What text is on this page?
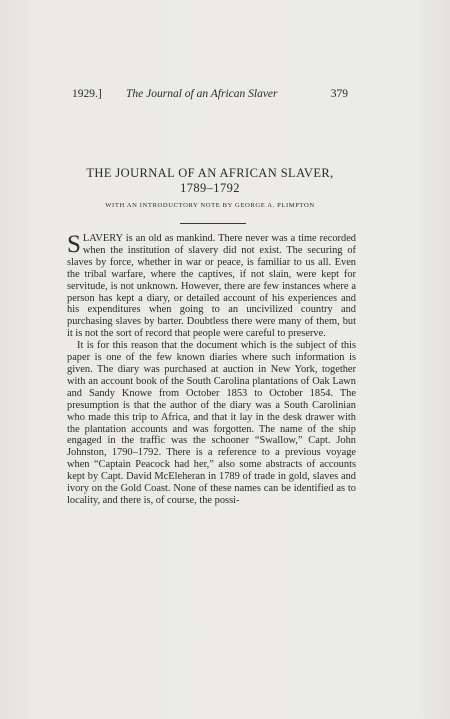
1929.] The Journal of an African Slaver	379
THE JOURNAL OF AN AFRICAN SLAVER,
1789–1792
WITH AN INTRODUCTORY NOTE BY GEORGE A. PLIMPTON

SLAVERY is an old as mankind. There never was a time recorded when the institution of slavery did not exist. The securing of slaves by force, whether in war or peace, is familiar to us all. Even the tribal warfare, where the captives, if not slain, were kept for servitude, is not unknown. However, there are few instances where a person has kept a diary, or detailed account of his experiences and his expenditures when going to an uncivilized country and purchasing slaves by barter. Doubtless there were many of them, but it is not the sort of record that people were careful to preserve.

It is for this reason that the document which is the subject of this paper is one of the few known diaries where such information is given. The diary was purchased at auction in New York, together with an account book of the South Carolina plantations of Oak Lawn and Sandy Knowe from October 1853 to October 1854. The presumption is that the author of the diary was a South Carolinian who made this trip to Africa, and that it lay in the desk drawer with the plantation accounts and was forgotten. The name of the ship engaged in the traffic was the schooner “Swallow,” Capt. John Johnston, 1790–1792. There is a reference to a previous voyage when “Captain Peacock had her,” also some abstracts of accounts kept by Capt. David McEleheran in 1789 of trade in gold, slaves and ivory on the Gold Coast. None of these names can be identified as to locality, and there is, of course, the possi-
